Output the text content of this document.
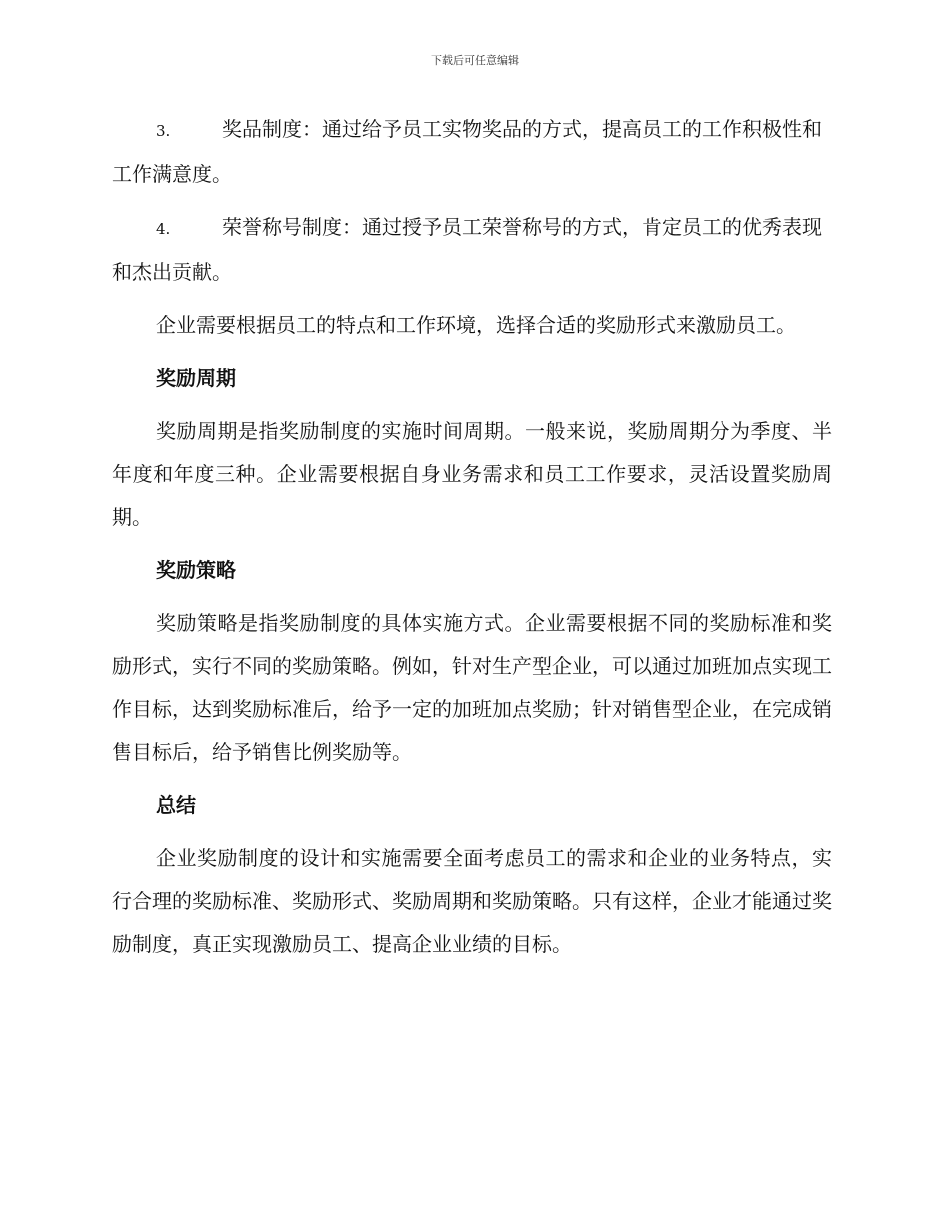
下载后可任意编辑

3.	奖品制度：通过给予员工实物奖品的方式，提高员工的工作积极性和工作满意度。

4.	荣誉称号制度：通过授予员工荣誉称号的方式，肯定员工的优秀表现和杰出贡献。

企业需要根据员工的特点和工作环境，选择合适的奖励形式来激励员工。

奖励周期

奖励周期是指奖励制度的实施时间周期。一般来说，奖励周期分为季度、半年度和年度三种。企业需要根据自身业务需求和员工工作要求，灵活设置奖励周期。

奖励策略

奖励策略是指奖励制度的具体实施方式。企业需要根据不同的奖励标准和奖励形式，实行不同的奖励策略。例如，针对生产型企业，可以通过加班加点实现工作目标，达到奖励标准后，给予一定的加班加点奖励；针对销售型企业，在完成销售目标后，给予销售比例奖励等。

总结

企业奖励制度的设计和实施需要全面考虑员工的需求和企业的业务特点，实行合理的奖励标准、奖励形式、奖励周期和奖励策略。只有这样，企业才能通过奖励制度，真正实现激励员工、提高企业业绩的目标。
